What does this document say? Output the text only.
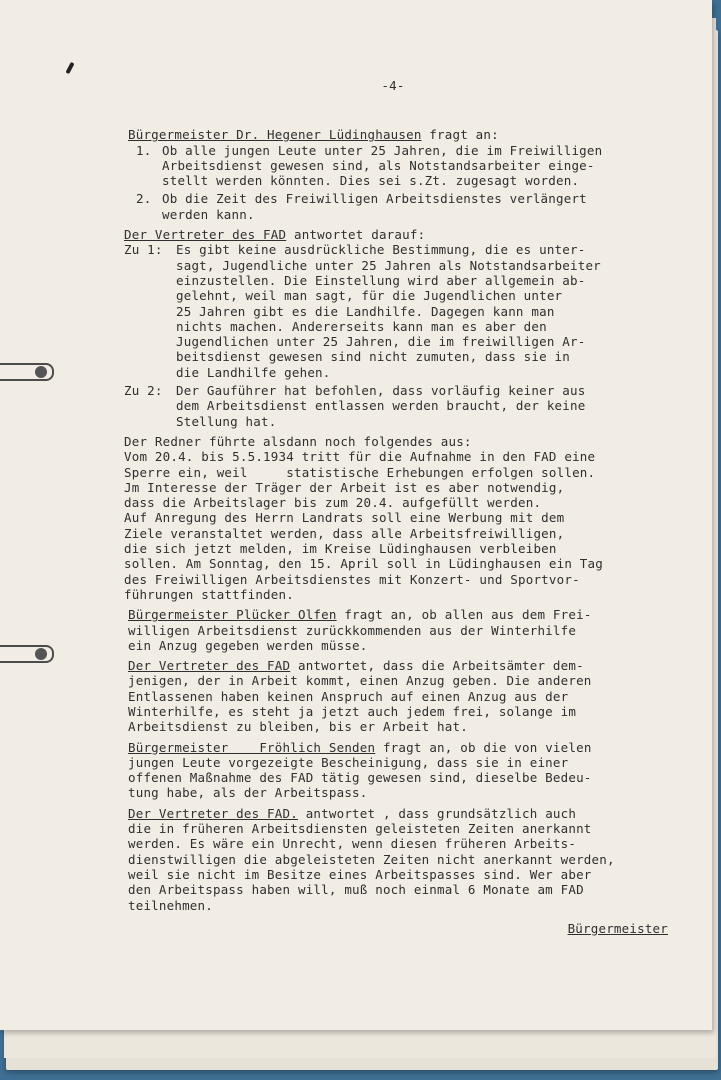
-4-

Bürgermeister Dr. Hegener Lüdinghausen fragt an:

1. Ob alle jungen Leute unter 25 Jahren, die im Freiwilligen

Arbeitsdienst gewesen sind, als Notstandsarbeiter einge-

stellt werden könnten. Dies sei s.Zt. zugesagt worden.

2. Ob die Zeit des Freiwilligen Arbeitsdienstes verlängert

werden kann.

Der Vertreter des FAD antwortet darauf:

Zu 1:	Es gibt keine ausdrückliche Bestimmung, die es unter-

sagt, Jugendliche unter 25 Jahren als Notstandsarbeiter

einzustellen. Die Einstellung wird aber allgemein ab-

gelehnt, weil man sagt, für die Jugendlichen unter

25 Jahren gibt es die Landhilfe. Dagegen kann man

nichts machen. Andererseits kann man es aber den

Jugendlichen unter 25 Jahren, die im freiwilligen Ar-

beitsdienst gewesen sind nicht zumuten, dass sie in

die Landhilfe gehen.

Zu 2:	Der Gauführer hat befohlen, dass vorläufig keiner aus

dem Arbeitsdienst entlassen werden braucht, der keine

Stellung hat.

Der Redner führte alsdann noch folgendes aus:

Vom 20.4. bis 5.5.1934 tritt für die Aufnahme in den FAD eine

Sperre ein, weil     statistische Erhebungen erfolgen sollen.

Jm Interesse der Träger der Arbeit ist es aber notwendig,

dass die Arbeitslager bis zum 20.4. aufgefüllt werden.

Auf Anregung des Herrn Landrats soll eine Werbung mit dem

Ziele veranstaltet werden, dass alle Arbeitsfreiwilligen,

die sich jetzt melden, im Kreise Lüdinghausen verbleiben

sollen. Am Sonntag, den 15. April soll in Lüdinghausen ein Tag

des Freiwilligen Arbeitsdienstes mit Konzert- und Sportvor-

führungen stattfinden.

Bürgermeister Plücker Olfen fragt an, ob allen aus dem Frei-

willigen Arbeitsdienst zurückkommenden aus der Winterhilfe

ein Anzug gegeben werden müsse.

Der Vertreter des FAD antwortet, dass die Arbeitsämter dem-

jenigen, der in Arbeit kommt, einen Anzug geben. Die anderen

Entlassenen haben keinen Anspruch auf einen Anzug aus der

Winterhilfe, es steht ja jetzt auch jedem frei, solange im

Arbeitsdienst zu bleiben, bis er Arbeit hat.

Bürgermeister    Fröhlich Senden fragt an, ob die von vielen

jungen Leute vorgezeigte Bescheinigung, dass sie in einer

offenen Maßnahme des FAD tätig gewesen sind, dieselbe Bedeu-

tung habe, als der Arbeitspass.

Der Vertreter des FAD. antwortet , dass grundsätzlich auch

die in früheren Arbeitsdiensten geleisteten Zeiten anerkannt

werden. Es wäre ein Unrecht, wenn diesen früheren Arbeits-

dienstwilligen die abgeleisteten Zeiten nicht anerkannt werden,

weil sie nicht im Besitze eines Arbeitspasses sind. Wer aber

den Arbeitspass haben will, muß noch einmal 6 Monate am FAD

teilnehmen.

Bürgermeister
